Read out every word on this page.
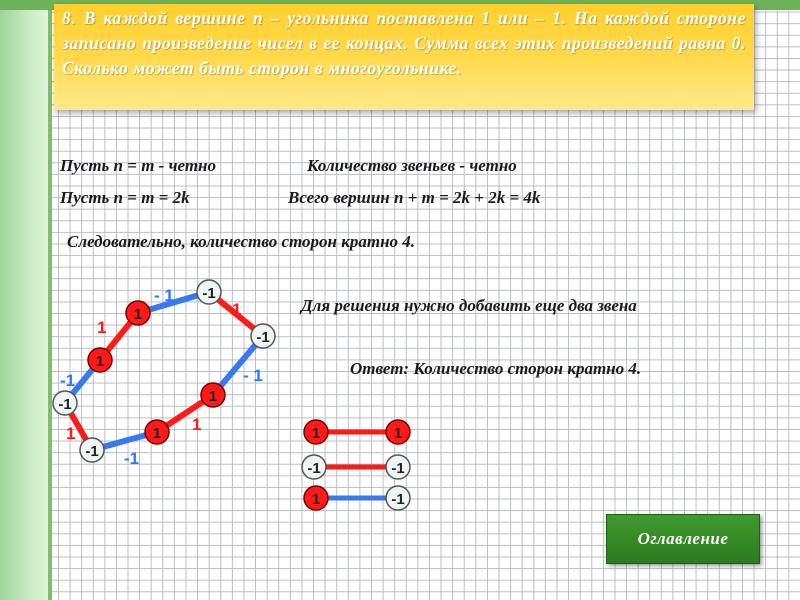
8. В каждой вершине n – угольника поставлена 1 или – 1. На каждой стороне записано произведение чисел в ее концах. Сумма всех этих произведений равна 0. Сколько может быть сторон в многоугольнике.
Пусть n = m - четно	Количество звеньев - четно
Пусть n = m = 2k	Всего вершин n + m = 2k + 2k = 4k
Следовательно, количество сторон кратно 4.
Для решения нужно добавить еще два звена
Ответ: Количество сторон кратно 4.
1
1
1
1	1	1
1
-1
-1
-1
-1
-1	-1
-1
- 1
1
1
- 1
-1
1
-1
1
Оглавление
